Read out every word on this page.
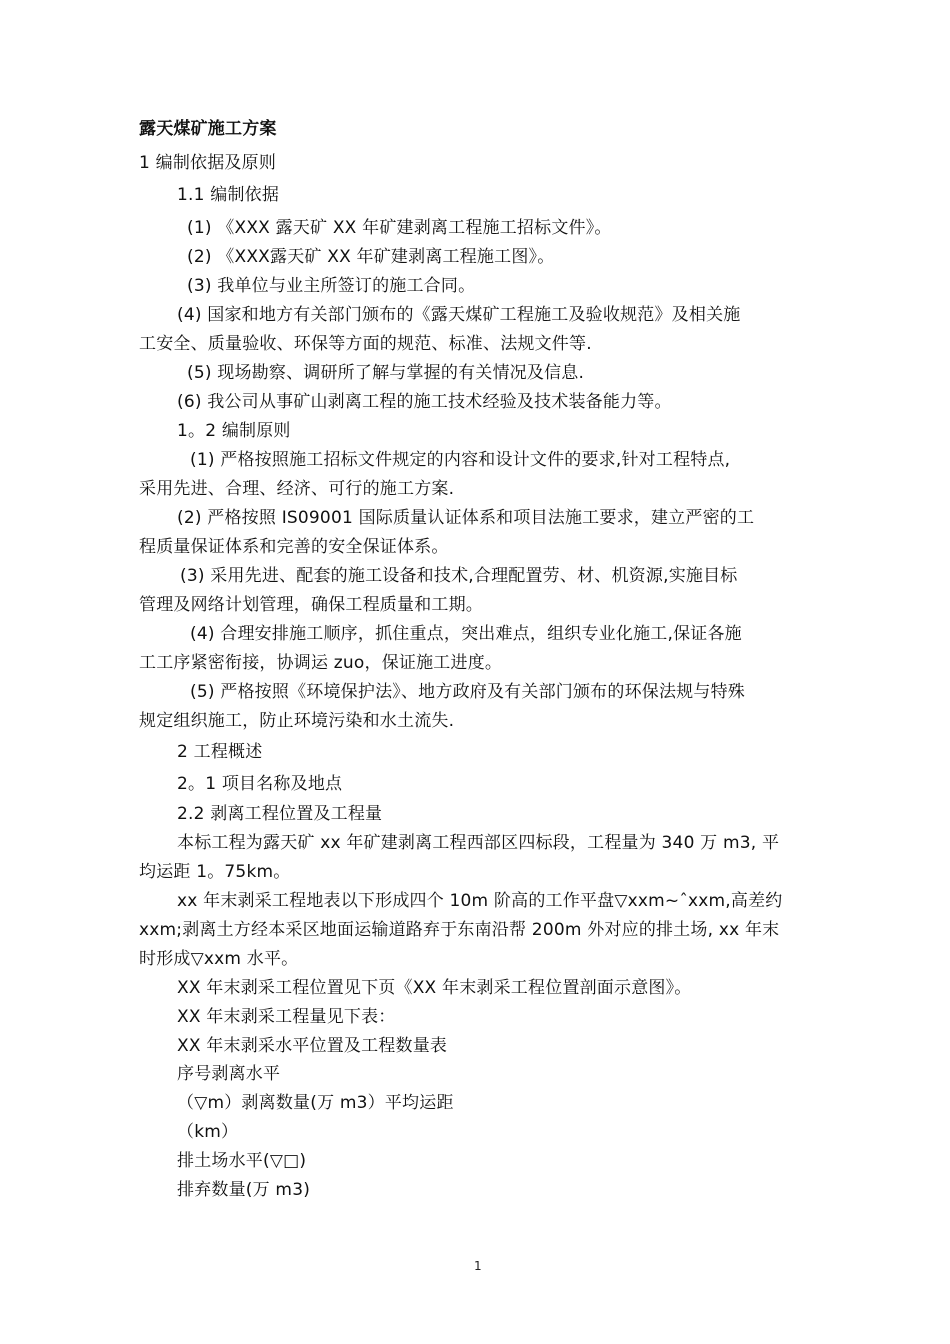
露天煤矿施工方案
1 编制依据及原则
1.1 编制依据
(1) 《XXX 露天矿 XX 年矿建剥离工程施工招标文件》。
(2) 《XXX露天矿 XX 年矿建剥离工程施工图》。
(3) 我单位与业主所签订的施工合同。
(4) 国家和地方有关部门颁布的《露天煤矿工程施工及验收规范》及相关施
工安全、质量验收、环保等方面的规范、标准、法规文件等.
(5) 现场勘察、调研所了解与掌握的有关情况及信息.
(6) 我公司从事矿山剥离工程的施工技术经验及技术装备能力等。
1。2 编制原则
(1) 严格按照施工招标文件规定的内容和设计文件的要求,针对工程特点,
采用先进、合理、经济、可行的施工方案.
(2) 严格按照 IS09001 国际质量认证体系和项目法施工要求，建立严密的工
程质量保证体系和完善的安全保证体系。
(3) 采用先进、配套的施工设备和技术,合理配置劳、材、机资源,实施目标
管理及网络计划管理，确保工程质量和工期。
(4) 合理安排施工顺序，抓住重点，突出难点，组织专业化施工,保证各施
工工序紧密衔接，协调运 zuo，保证施工进度。
(5) 严格按照《环境保护法》、地方政府及有关部门颁布的环保法规与特殊
规定组织施工，防止环境污染和水土流失.
2 工程概述
2。1 项目名称及地点
2.2 剥离工程位置及工程量
本标工程为露天矿 xx 年矿建剥离工程西部区四标段，工程量为 340 万 m3, 平
均运距 1。75km。
xx 年末剥采工程地表以下形成四个 10m 阶高的工作平盘▽xxm~ˆxxm,高差约
xxm;剥离土方经本采区地面运输道路弃于东南沿帮 200m 外对应的排土场, xx 年末
时形成▽xxm 水平。
XX 年末剥采工程位置见下页《XX 年末剥采工程位置剖面示意图》。
XX 年末剥采工程量见下表：
XX 年末剥采水平位置及工程数量表
序号剥离水平
（▽m）剥离数量(万 m3）平均运距
（km）
排土场水平(▽□)
排弃数量(万 m3)
1
